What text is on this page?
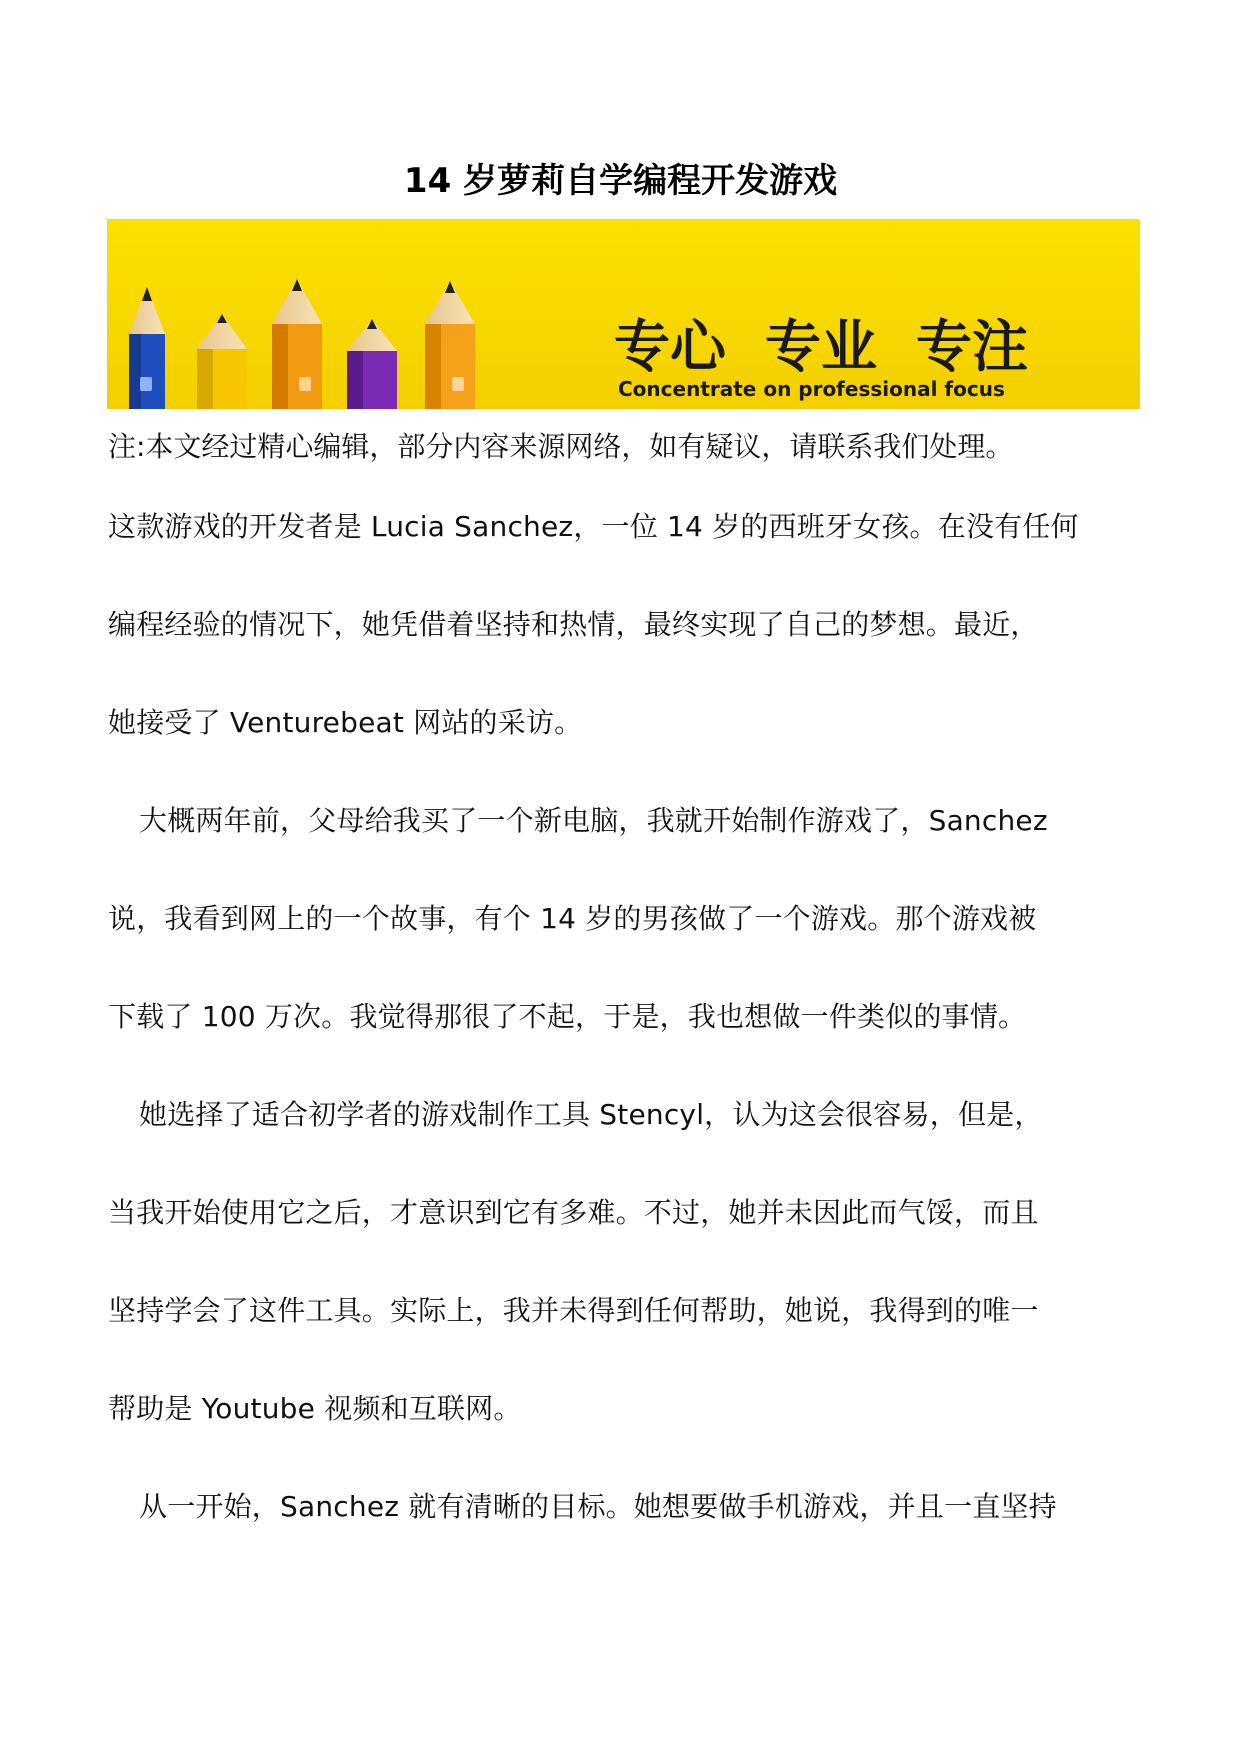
14 岁萝莉自学编程开发游戏
专心  专业  专注
Concentrate on professional focus
注:本文经过精心编辑，部分内容来源网络，如有疑议，请联系我们处理。
这款游戏的开发者是 Lucia Sanchez，一位 14 岁的西班牙女孩。在没有任何
编程经验的情况下，她凭借着坚持和热情，最终实现了自己的梦想。最近，
她接受了 Venturebeat 网站的采访。
大概两年前，父母给我买了一个新电脑，我就开始制作游戏了，Sanchez
说，我看到网上的一个故事，有个 14 岁的男孩做了一个游戏。那个游戏被
下载了 100 万次。我觉得那很了不起，于是，我也想做一件类似的事情。
她选择了适合初学者的游戏制作工具 Stencyl，认为这会很容易，但是，
当我开始使用它之后，才意识到它有多难。不过，她并未因此而气馁，而且
坚持学会了这件工具。实际上，我并未得到任何帮助，她说，我得到的唯一
帮助是 Youtube 视频和互联网。
从一开始，Sanchez 就有清晰的目标。她想要做手机游戏，并且一直坚持
